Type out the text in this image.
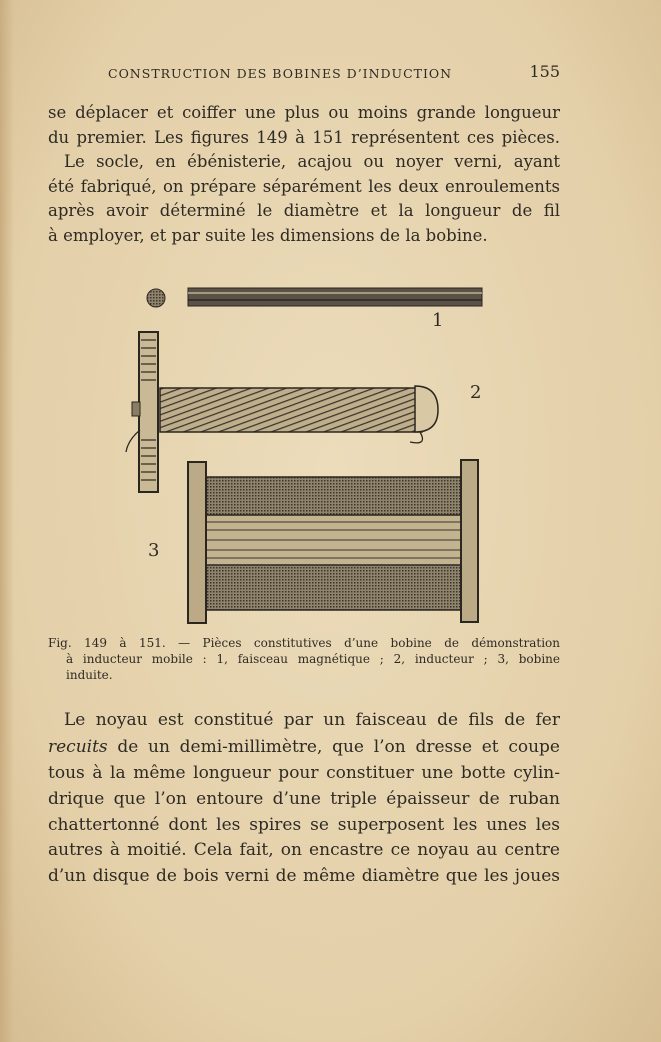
CONSTRUCTION DES BOBINES D’INDUCTION	155
se déplacer et coiffer une plus ou moins grande longueur
du premier. Les figures 149 à 151 représentent ces pièces.
Le socle, en ébénisterie, acajou ou noyer verni, ayant
été fabriqué, on prépare séparément les deux enroulements
après avoir déterminé le diamètre et la longueur de fil
à employer, et par suite les dimensions de la bobine.
1
2
3
Fig. 149 à 151. — Pièces constitutives d’une bobine de démonstration
à inducteur mobile : 1, faisceau magnétique ; 2, inducteur ; 3, bobine
induite.
Le noyau est constitué par un faisceau de fils de fer
recuits de un demi-millimètre, que l’on dresse et coupe
tous à la même longueur pour constituer une botte cylin-
drique que l’on entoure d’une triple épaisseur de ruban
chattertonné dont les spires se superposent les unes les
autres à moitié. Cela fait, on encastre ce noyau au centre
d’un disque de bois verni de même diamètre que les joues
